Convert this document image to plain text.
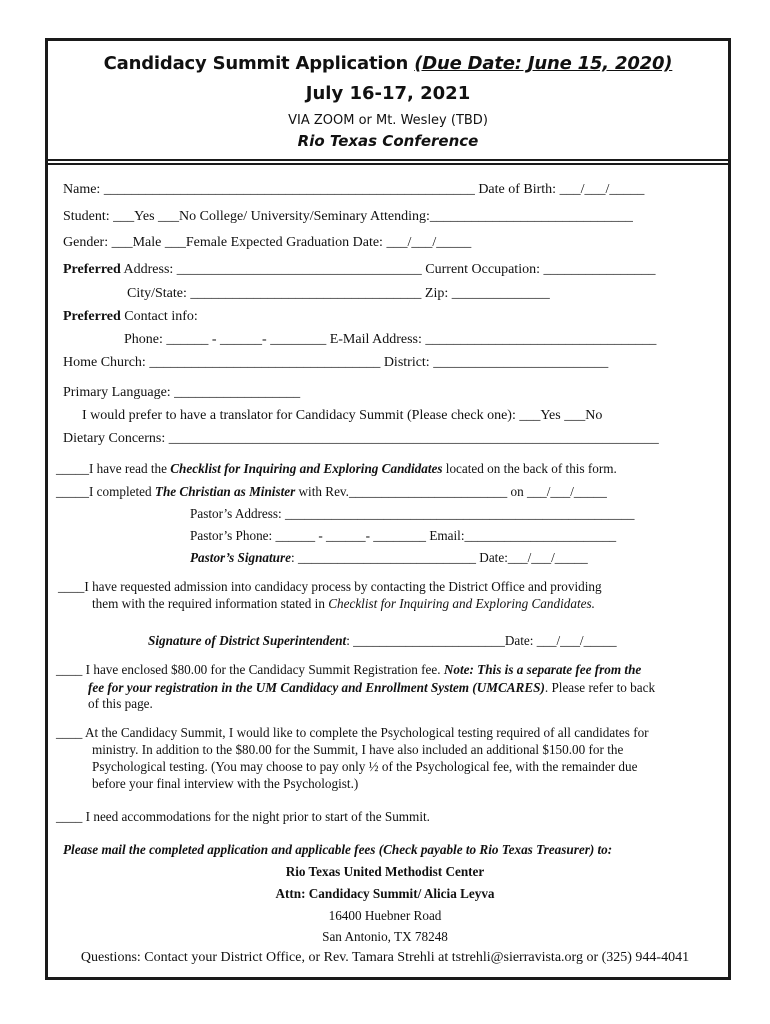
Candidacy Summit Application (Due Date: June 15, 2020)
July 16-17, 2021
VIA ZOOM or Mt. Wesley (TBD)
Rio Texas Conference
Name: _____________________________________________________ Date of Birth: ___/___/_____
Student: ___Yes ___No College/ University/Seminary Attending:_____________________________
Gender: ___Male ___Female Expected Graduation Date: ___/___/_____
Preferred Address: ___________________________________ Current Occupation: ________________
City/State: _________________________________ Zip: ______________
Preferred Contact info:
Phone: ______ - ______- ________ E-Mail Address: _________________________________
Home Church: _________________________________ District: _________________________
Primary Language: __________________
I would prefer to have a translator for Candidacy Summit (Please check one): ___Yes ___No
Dietary Concerns: ______________________________________________________________________
_____I have read the Checklist for Inquiring and Exploring Candidates located on the back of this form.
_____I completed The Christian as Minister with Rev.________________________ on ___/___/_____
Pastor’s Address: _____________________________________________________
Pastor’s Phone: ______ - ______- ________ Email:_______________________
Pastor’s Signature: ___________________________ Date:___/___/_____
____I have requested admission into candidacy process by contacting the District Office and providing
them with the required information stated in Checklist for Inquiring and Exploring Candidates.
Signature of District Superintendent: _______________________Date: ___/___/_____
____ I have enclosed $80.00 for the Candidacy Summit Registration fee. Note: This is a separate fee from the
fee for your registration in the UM Candidacy and Enrollment System (UMCARES). Please refer to back
of this page.
____ At the Candidacy Summit, I would like to complete the Psychological testing required of all candidates for
ministry. In addition to the $80.00 for the Summit, I have also included an additional $150.00 for the
Psychological testing. (You may choose to pay only ½ of the Psychological fee, with the remainder due
before your final interview with the Psychologist.)
____ I need accommodations for the night prior to start of the Summit.
Please mail the completed application and applicable fees (Check payable to Rio Texas Treasurer) to:
Rio Texas United Methodist Center
Attn: Candidacy Summit/ Alicia Leyva
16400 Huebner Road
San Antonio, TX 78248
Questions: Contact your District Office, or Rev. Tamara Strehli at tstrehli@sierravista.org or (325) 944-4041
